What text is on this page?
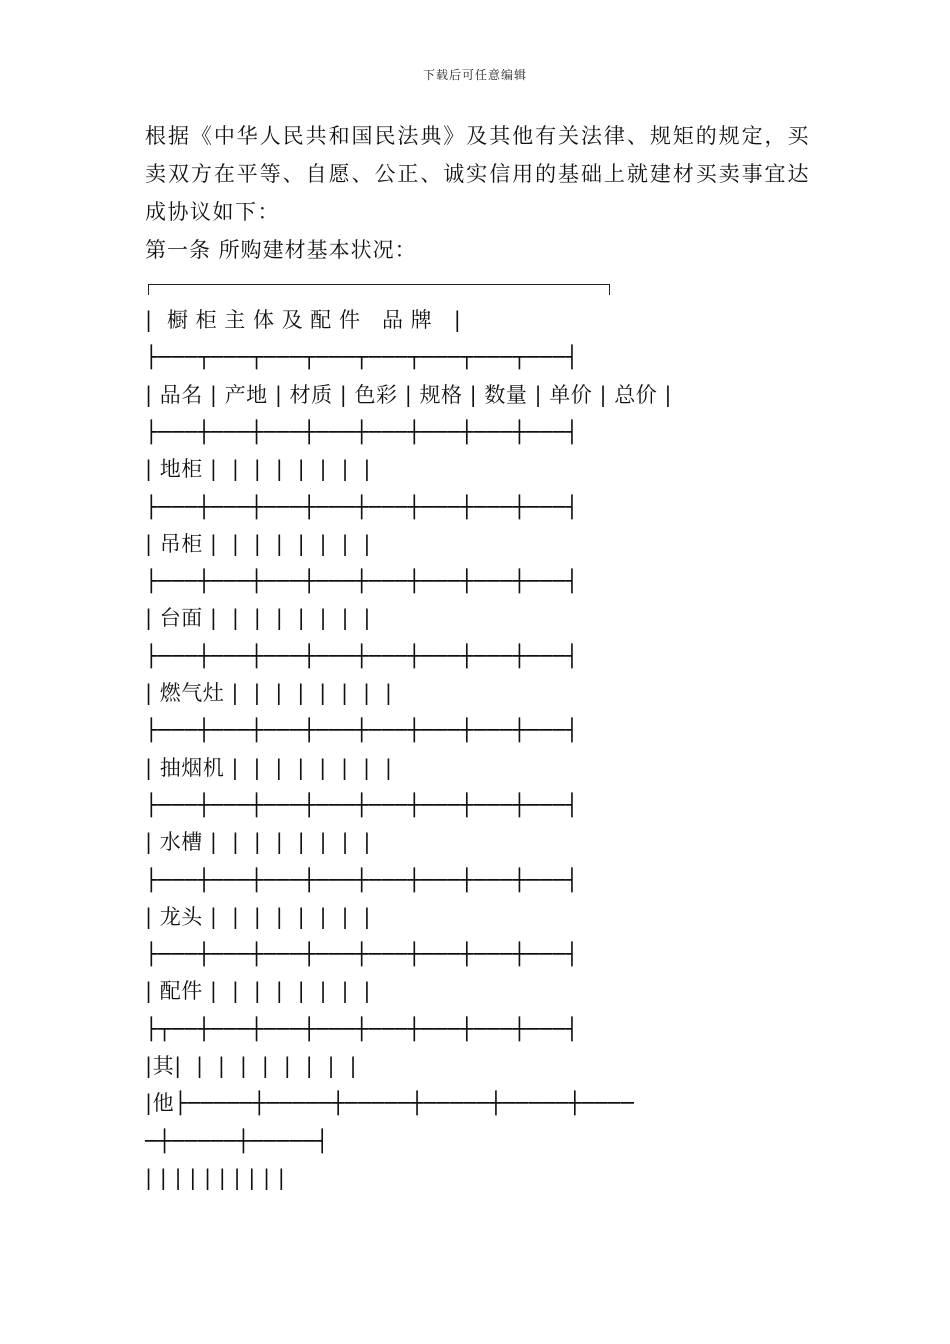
下载后可任意编辑

根据《中华人民共和国民法典》及其他有关法律、规矩的规定，买卖双方在平等、自愿、公正、诚实信用的基础上就建材买卖事宜达成协议如下：

第一条 所购建材基本状况：

|  橱 柜 主 体 及 配 件   品 牌   |

├───┬───┬───┬───┬───┬───┬───┬───┤

| 品名 | 产地 | 材质 | 色彩 | 规格 | 数量 | 单价 | 总价 |

├───┼───┼───┼───┼───┼───┼───┼───┤

| 地柜 |  |  |  |  |  |  |  |

├───┼───┼───┼───┼───┼───┼───┼───┤

| 吊柜 |  |  |  |  |  |  |  |

├───┼───┼───┼───┼───┼───┼───┼───┤

| 台面 |  |  |  |  |  |  |  |

├───┼───┼───┼───┼───┼───┼───┼───┤

| 燃气灶 |  |  |  |  |  |  |  |

├───┼───┼───┼───┼───┼───┼───┼───┤

| 抽烟机 |  |  |  |  |  |  |  |

├───┼───┼───┼───┼───┼───┼───┼───┤

| 水槽 |  |  |  |  |  |  |  |

├───┼───┼───┼───┼───┼───┼───┼───┤

| 龙头 |  |  |  |  |  |  |  |

├───┼───┼───┼───┼───┼───┼───┼───┤

| 配件 |  |  |  |  |  |  |  |

├┬──┼───┼───┼───┼───┼───┼───┼───┤

|其|  |  |  |  |  |  |  |  |

|他├─────┼─────┼─────┼─────┼─────┼────

─┼─────┼─────┤

| | | | | | | | | |
